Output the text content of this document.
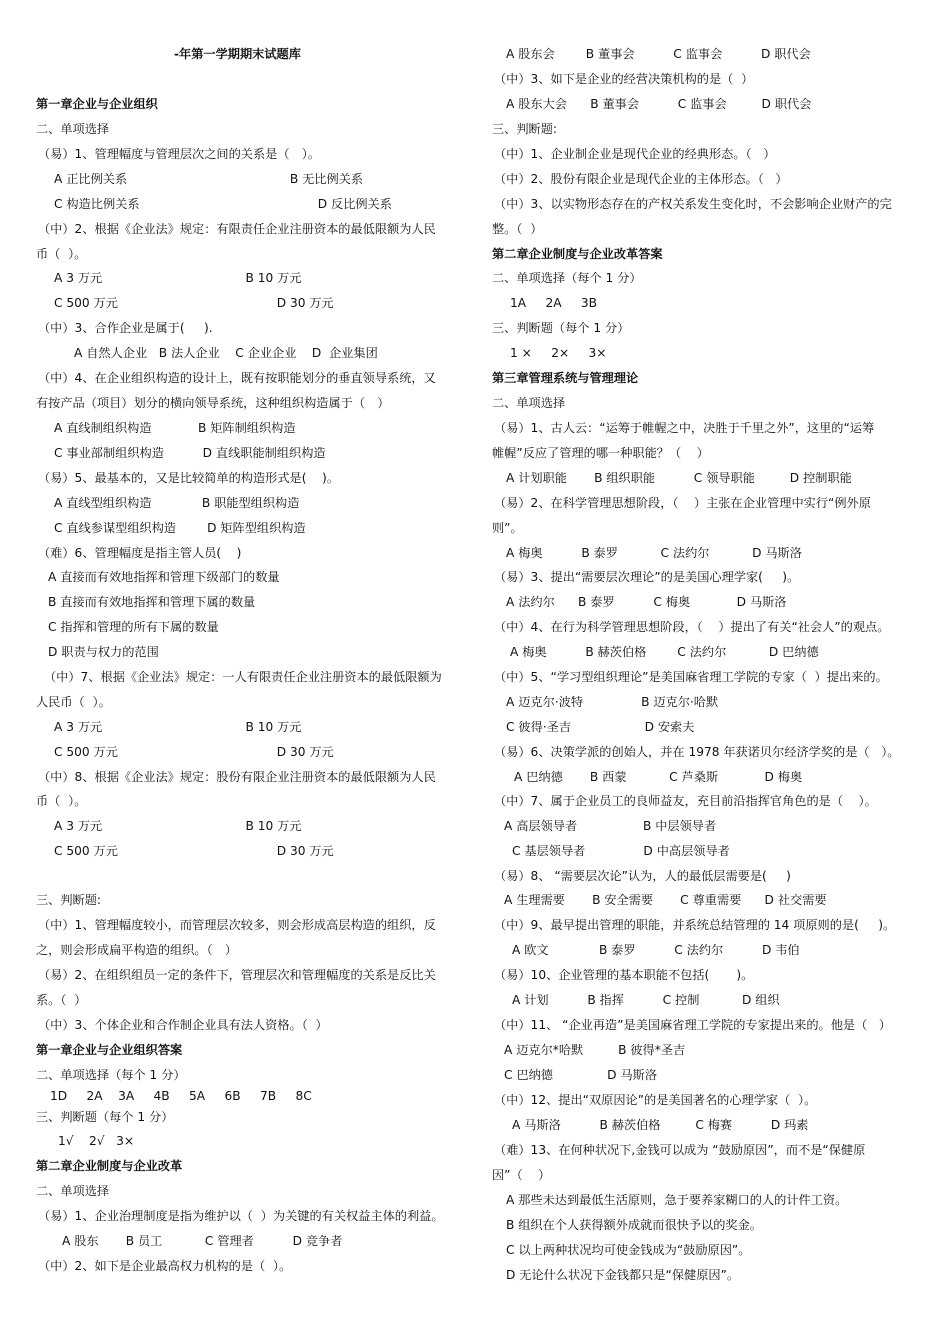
-年第一学期期末试题库
第一章企业与企业组织
二、单项选择
（易）1、管理幅度与管理层次之间的关系是（　）。
A 正比例关系                                          B 无比例关系
C 构造比例关系                                              D 反比例关系
（中）2、根据《企业法》规定：有限责任企业注册资本的最低限额为人民
币（  ）。
A 3 万元                                     B 10 万元
C 500 万元                                         D 30 万元
（中）3、合作企业是属于(     ).
A 自然人企业   B 法人企业    C 企业企业    D  企业集团
（中）4、在企业组织构造的设计上，既有按职能划分的垂直领导系统，又
有按产品（项目）划分的横向领导系统，这种组织构造属于（　）
A 直线制组织构造            B 矩阵制组织构造
C 事业部制组织构造          D 直线职能制组织构造
（易）5、最基本的，又是比较简单的构造形式是(    )。
A 直线型组织构造             B 职能型组织构造
C 直线参谋型组织构造        D 矩阵型组织构造
（难）6、管理幅度是指主管人员(    )
A 直接而有效地指挥和管理下级部门的数量
B 直接而有效地指挥和管理下属的数量
C 指挥和管理的所有下属的数量
D 职责与权力的范围
（中）7、根据《企业法》规定：一人有限责任企业注册资本的最低限额为
人民币（  ）。
A 3 万元                                     B 10 万元
C 500 万元                                         D 30 万元
（中）8、根据《企业法》规定：股份有限企业注册资本的最低限额为人民
币（  ）。
A 3 万元                                     B 10 万元
C 500 万元                                         D 30 万元
三、判断题:
（中）1、管理幅度较小，而管理层次较多，则会形成高层构造的组织，反
之，则会形成扁平构造的组织。（　）
（易）2、在组织组员一定的条件下，管理层次和管理幅度的关系是反比关
系。（  ）
（中）3、个体企业和合作制企业具有法人资格。（  ）
第一章企业与企业组织答案
二、单项选择（每个 1 分）
1D     2A    3A     4B     5A     6B     7B     8C
三、判断题（每个 1 分）
1√    2√   3×
第二章企业制度与企业改革
二、单项选择
（易）1、企业治理制度是指为维护以（  ）为关键的有关权益主体的利益。
A 股东       B 员工           C 管理者          D 竞争者
（中）2、如下是企业最高权力机构的是（  ）。
A 股东会        B 董事会          C 监事会          D 职代会
（中）3、如下是企业的经营决策机构的是（  ）
A 股东大会      B 董事会          C 监事会         D 职代会
三、判断题:
（中）1、企业制企业是现代企业的经典形态。（   ）
（中）2、股份有限企业是现代企业的主体形态。（   ）
（中）3、以实物形态存在的产权关系发生变化时，不会影响企业财产的完
整。（  ）
第二章企业制度与企业改革答案
二、单项选择（每个 1 分）
1A     2A     3B
三、判断题（每个 1 分）
1 ×     2×     3×
第三章管理系统与管理理论
二、单项选择
（易）1、古人云：“运筹于帷幄之中，决胜于千里之外”，这里的“运筹
帷幄”反应了管理的哪一种职能？（    ）
A 计划职能       B 组织职能          C 领导职能         D 控制职能
（易）2、在科学管理思想阶段，（    ）主张在企业管理中实行“例外原
则”。
A 梅奥          B 泰罗           C 法约尔           D 马斯洛
（易）3、提出“需要层次理论”的是美国心理学家(     )。
A 法约尔      B 泰罗          C 梅奥            D 马斯洛
（中）4、在行为科学管理思想阶段，（    ）提出了有关“社会人”的观点。
A 梅奥          B 赫茨伯格        C 法约尔           D 巴纳德
（中）5、“学习型组织理论”是美国麻省理工学院的专家（  ）提出来的。
A 迈克尔·波特               B 迈克尔·哈默
C 彼得·圣吉                   D 安索夫
（易）6、决策学派的创始人，并在 1978 年获诺贝尔经济学奖的是（   ）。
A 巴纳德       B 西蒙           C 芦桑斯            D 梅奥
（中）7、属于企业员工的良师益友，充目前沿指挥官角色的是（    ）。
A 高层领导者                 B 中层领导者
C 基层领导者               D 中高层领导者
（易）8、 “需要层次论”认为，人的最低层需要是(     )
A 生理需要       B 安全需要       C 尊重需要      D 社交需要
（中）9、最早提出管理的职能，并系统总结管理的 14 项原则的是(     )。
A 欧文             B 泰罗          C 法约尔          D 韦伯
（易）10、企业管理的基本职能不包括(       )。
A 计划          B 指挥          C 控制           D 组织
（中）11、 “企业再造”是美国麻省理工学院的专家提出来的。他是（   ）
A 迈克尔*哈默         B 彼得*圣吉
C 巴纳德              D 马斯洛
（中）12、提出“双原因论”的是美国著名的心理学家（  ）。
A 马斯洛          B 赫茨伯格         C 梅赛          D 玛素
（难）13、在何种状况下,金钱可以成为 “鼓励原因”，而不是“保健原
因”（    ）
A 那些未达到最低生活原则，急于要养家糊口的人的计件工资。
B 组织在个人获得额外成就而很快予以的奖金。
C 以上两种状况均可使金钱成为“鼓励原因”。
D 无论什么状况下金钱都只是“保健原因”。
